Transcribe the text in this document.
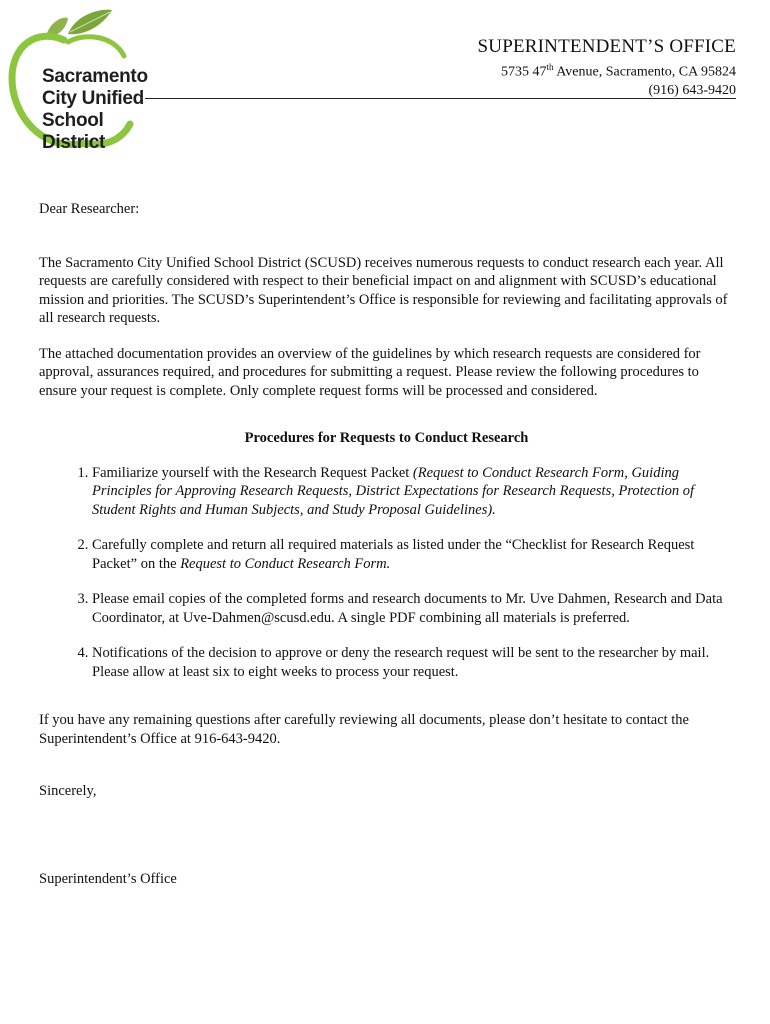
Sacramento
City Unified
School District
SUPERINTENDENT’S OFFICE
5735 47th Avenue, Sacramento, CA 95824
(916) 643-9420

Dear Researcher:

The Sacramento City Unified School District (SCUSD) receives numerous requests to conduct research each year. All requests are carefully considered with respect to their beneficial impact on and alignment with SCUSD’s educational mission and priorities. The SCUSD’s Superintendent’s Office is responsible for reviewing and facilitating approvals of all research requests.

The attached documentation provides an overview of the guidelines by which research requests are considered for approval, assurances required, and procedures for submitting a request. Please review the following procedures to ensure your request is complete. Only complete request forms will be processed and considered.

Procedures for Requests to Conduct Research

1. Familiarize yourself with the Research Request Packet (Request to Conduct Research Form, Guiding Principles for Approving Research Requests, District Expectations for Research Requests, Protection of Student Rights and Human Subjects, and Study Proposal Guidelines).
2. Carefully complete and return all required materials as listed under the “Checklist for Research Request Packet” on the Request to Conduct Research Form.
3. Please email copies of the completed forms and research documents to Mr. Uve Dahmen, Research and Data Coordinator, at Uve-Dahmen@scusd.edu. A single PDF combining all materials is preferred.
4. Notifications of the decision to approve or deny the research request will be sent to the researcher by mail. Please allow at least six to eight weeks to process your request.

If you have any remaining questions after carefully reviewing all documents, please don’t hesitate to contact the Superintendent’s Office at 916-643-9420.

Sincerely,

Superintendent’s Office
